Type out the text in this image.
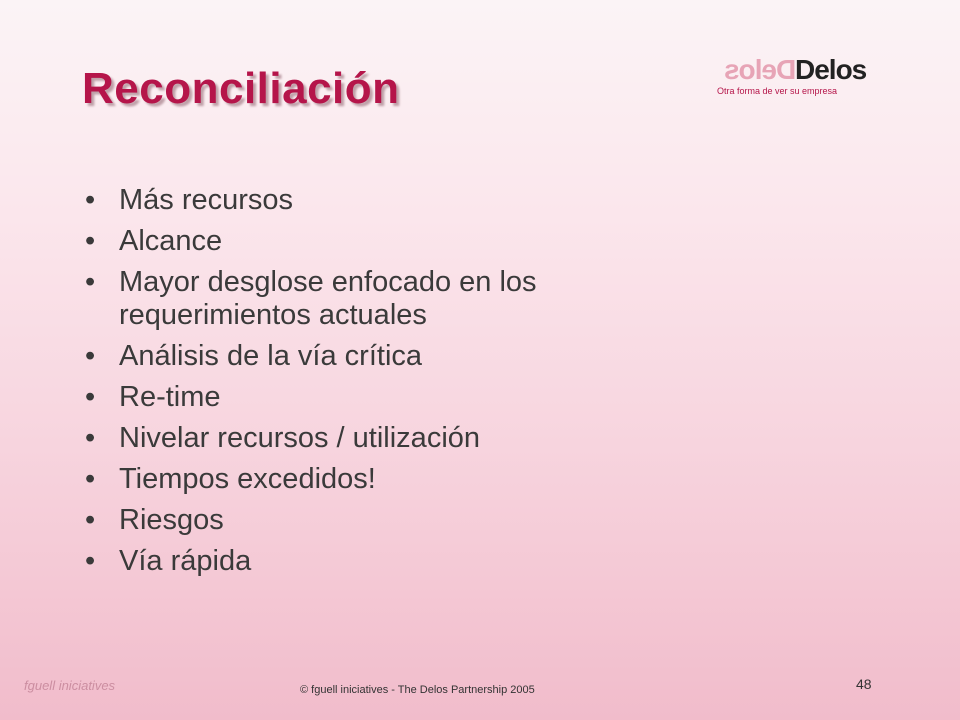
Reconciliación	Delos
Delos
Otra forma de ver su empresa
• Más recursos
• Alcance
• Mayor desglose enfocado en los requerimientos actuales
• Análisis de la vía crítica
• Re-time
• Nivelar recursos / utilización
• Tiempos excedidos!
• Riesgos
• Vía rápida
fguell iniciatives	© fguell iniciatives - The Delos Partnership 2005	48
